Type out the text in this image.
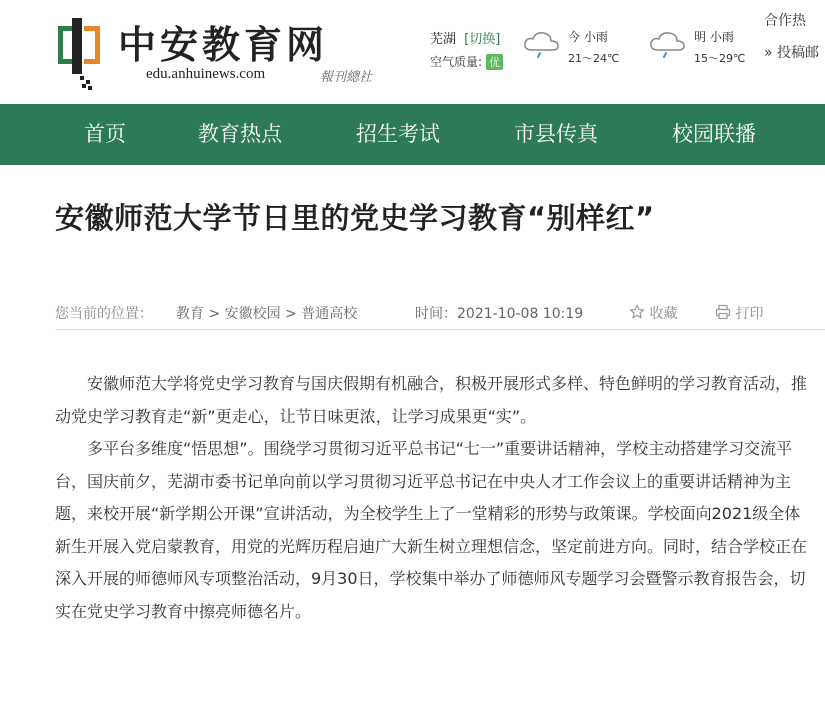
中安教育网
edu.anhuinews.com	報刊總社
芜湖 [切换]
空气质量: 优
今 小雨
21～24℃
明 小雨
15～29℃
合作热
» 投稿邮
首页	教育热点	招生考试	市县传真	校园联播
安徽师范大学节日里的党史学习教育“别样红”
您当前的位置： 教育 > 安徽校园 > 普通高校	时间：2021-10-08 10:19	收藏	打印

安徽师范大学将党史学习教育与国庆假期有机融合，积极开展形式多样、特色鲜明的学习教育活动，推动党史学习教育走“新”更走心，让节日味更浓，让学习成果更“实”。

多平台多维度“悟思想”。围绕学习贯彻习近平总书记“七一”重要讲话精神，学校主动搭建学习交流平台，国庆前夕，芜湖市委书记单向前以学习贯彻习近平总书记在中央人才工作会议上的重要讲话精神为主题，来校开展“新学期公开课”宣讲活动，为全校学生上了一堂精彩的形势与政策课。学校面向2021级全体新生开展入党启蒙教育，用党的光辉历程启迪广大新生树立理想信念，坚定前进方向。同时，结合学校正在深入开展的师德师风专项整治活动，9月30日，学校集中举办了师德师风专题学习会暨警示教育报告会，切实在党史学习教育中擦亮师德名片。
